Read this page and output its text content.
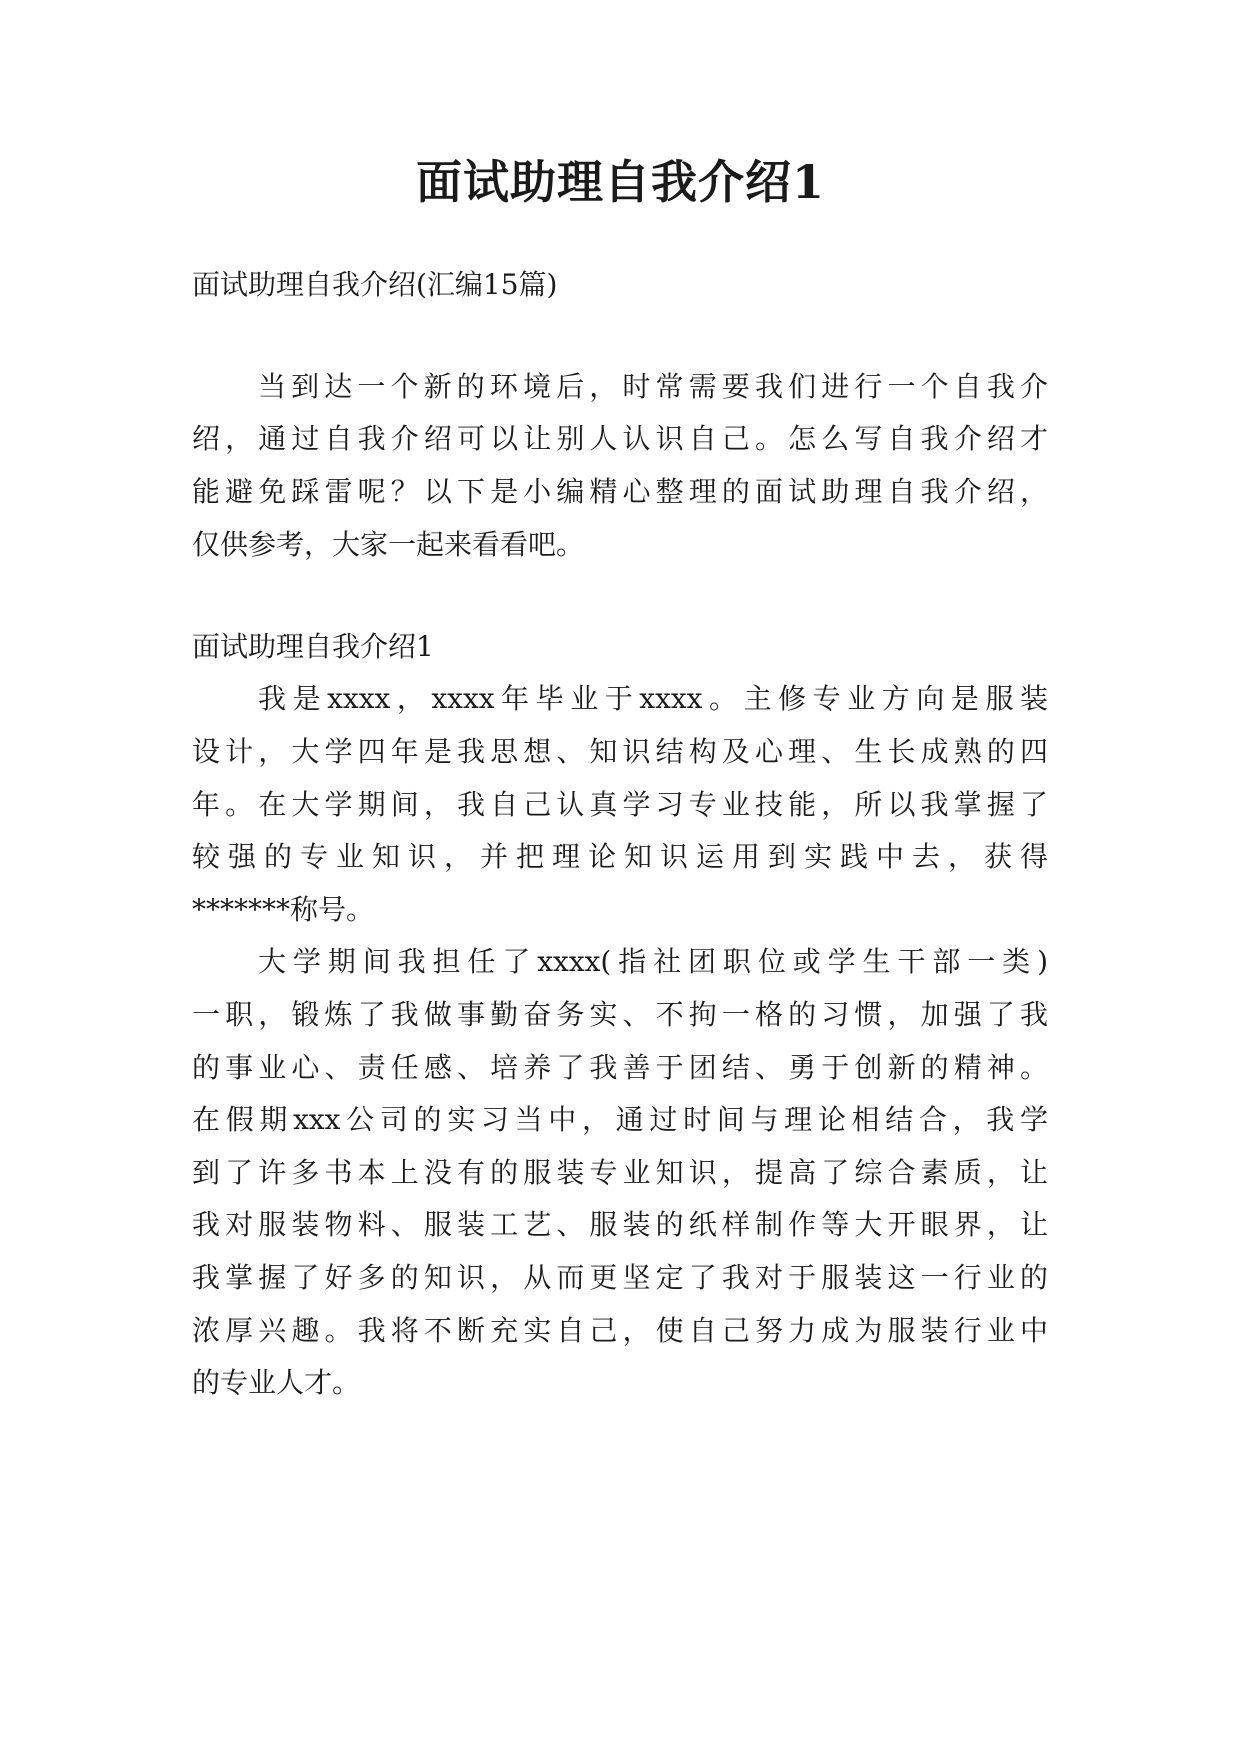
面试助理自我介绍1
面试助理自我介绍(汇编15篇)
当到达一个新的环境后，时常需要我们进行一个自我介
绍，通过自我介绍可以让别人认识自己。怎么写自我介绍才
能避免踩雷呢？以下是小编精心整理的面试助理自我介绍，
仅供参考，大家一起来看看吧。
面试助理自我介绍1
我是xxxx，xxxx年毕业于xxxx。主修专业方向是服装
设计，大学四年是我思想、知识结构及心理、生长成熟的四
年。在大学期间，我自己认真学习专业技能，所以我掌握了
较强的专业知识，并把理论知识运用到实践中去，获得
*******称号。
大学期间我担任了xxxx(指社团职位或学生干部一类)
一职，锻炼了我做事勤奋务实、不拘一格的习惯，加强了我
的事业心、责任感、培养了我善于团结、勇于创新的精神。
在假期xxx公司的实习当中，通过时间与理论相结合，我学
到了许多书本上没有的服装专业知识，提高了综合素质，让
我对服装物料、服装工艺、服装的纸样制作等大开眼界，让
我掌握了好多的知识，从而更坚定了我对于服装这一行业的
浓厚兴趣。我将不断充实自己，使自己努力成为服装行业中
的专业人才。
